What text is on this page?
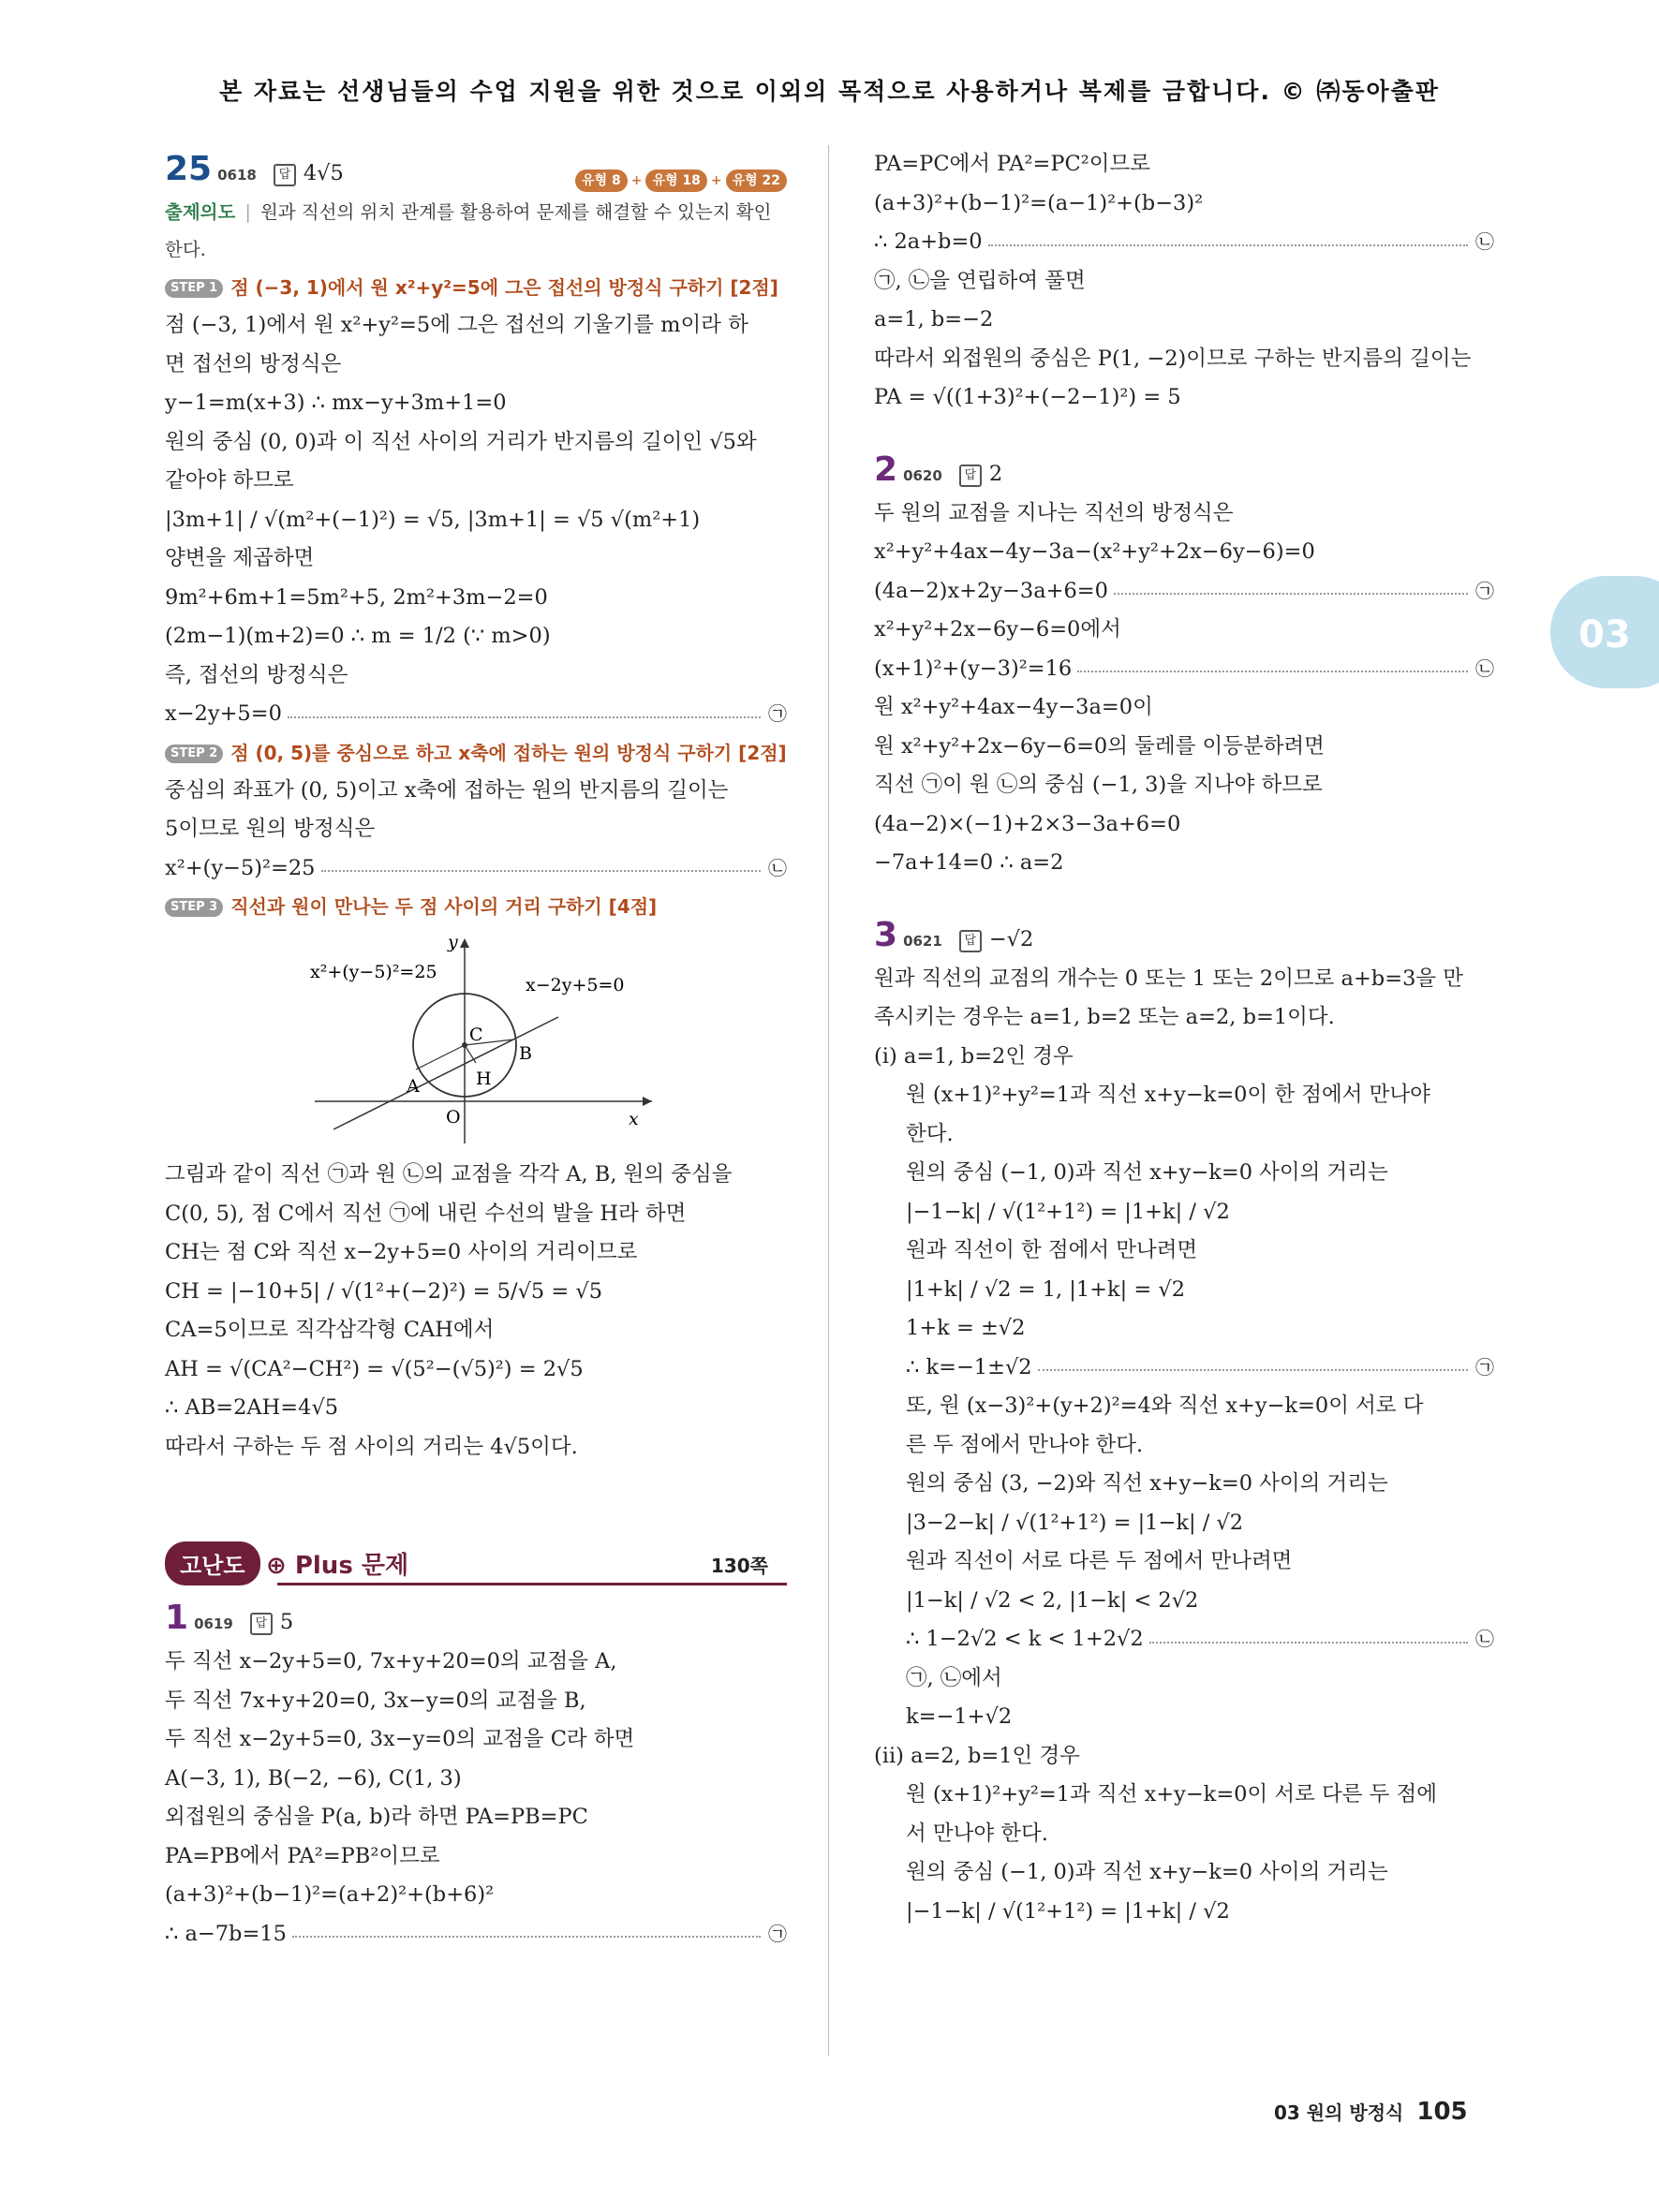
본 자료는 선생님들의 수업 지원을 위한 것으로 이외의 목적으로 사용하거나 복제를 금합니다. © ㈜동아출판
03
25 0618 답 4√5	유형 8 + 유형 18 + 유형 22
출제의도 | 원과 직선의 위치 관계를 활용하여 문제를 해결할 수 있는지 확인
한다.
STEP 1 점 (−3, 1)에서 원 x²+y²=5에 그은 접선의 방정식 구하기 [2점]
점 (−3, 1)에서 원 x²+y²=5에 그은 접선의 기울기를 m이라 하
면 접선의 방정식은
y−1=m(x+3) ∴ mx−y+3m+1=0
원의 중심 (0, 0)과 이 직선 사이의 거리가 반지름의 길이인 √5와
같아야 하므로
|3m+1| / √(m²+(−1)²) = √5, |3m+1| = √5 √(m²+1)
양변을 제곱하면
9m²+6m+1=5m²+5, 2m²+3m−2=0
(2m−1)(m+2)=0 ∴ m = 1/2 (∵ m>0)
즉, 접선의 방정식은
x−2y+5=0	㉠
STEP 2 점 (0, 5)를 중심으로 하고 x축에 접하는 원의 방정식 구하기 [2점]
중심의 좌표가 (0, 5)이고 x축에 접하는 원의 반지름의 길이는
5이므로 원의 방정식은
x²+(y−5)²=25	㉡
STEP 3 직선과 원이 만나는 두 점 사이의 거리 구하기 [4점]
x²+(y−5)²=25
x−2y+5=0
C
A
B
H
O	x
y
그림과 같이 직선 ㉠과 원 ㉡의 교점을 각각 A, B, 원의 중심을
C(0, 5), 점 C에서 직선 ㉠에 내린 수선의 발을 H라 하면
CH는 점 C와 직선 x−2y+5=0 사이의 거리이므로
CH = |−10+5| / √(1²+(−2)²) = 5/√5 = √5
CA=5이므로 직각삼각형 CAH에서
AH = √(CA²−CH²) = √(5²−(√5)²) = 2√5
∴ AB=2AH=4√5
따라서 구하는 두 점 사이의 거리는 4√5이다.
고난도 ⊕ Plus 문제	130쪽
1 0619 답 5
두 직선 x−2y+5=0, 7x+y+20=0의 교점을 A,
두 직선 7x+y+20=0, 3x−y=0의 교점을 B,
두 직선 x−2y+5=0, 3x−y=0의 교점을 C라 하면
A(−3, 1), B(−2, −6), C(1, 3)
외접원의 중심을 P(a, b)라 하면 PA=PB=PC
PA=PB에서 PA²=PB²이므로
(a+3)²+(b−1)²=(a+2)²+(b+6)²
∴ a−7b=15	㉠
PA=PC에서 PA²=PC²이므로
(a+3)²+(b−1)²=(a−1)²+(b−3)²
∴ 2a+b=0	㉡
㉠, ㉡을 연립하여 풀면
a=1, b=−2
따라서 외접원의 중심은 P(1, −2)이므로 구하는 반지름의 길이는
PA = √((1+3)²+(−2−1)²) = 5
2 0620 답 2
두 원의 교점을 지나는 직선의 방정식은
x²+y²+4ax−4y−3a−(x²+y²+2x−6y−6)=0
(4a−2)x+2y−3a+6=0	㉠
x²+y²+2x−6y−6=0에서
(x+1)²+(y−3)²=16	㉡
원 x²+y²+4ax−4y−3a=0이
원 x²+y²+2x−6y−6=0의 둘레를 이등분하려면
직선 ㉠이 원 ㉡의 중심 (−1, 3)을 지나야 하므로
(4a−2)×(−1)+2×3−3a+6=0
−7a+14=0 ∴ a=2
3 0621 답 −√2
원과 직선의 교점의 개수는 0 또는 1 또는 2이므로 a+b=3을 만
족시키는 경우는 a=1, b=2 또는 a=2, b=1이다.
(i) a=1, b=2인 경우
원 (x+1)²+y²=1과 직선 x+y−k=0이 한 점에서 만나야
한다.
원의 중심 (−1, 0)과 직선 x+y−k=0 사이의 거리는
|−1−k| / √(1²+1²) = |1+k| / √2
원과 직선이 한 점에서 만나려면
|1+k| / √2 = 1, |1+k| = √2
1+k = ±√2
∴ k=−1±√2	㉠
또, 원 (x−3)²+(y+2)²=4와 직선 x+y−k=0이 서로 다
른 두 점에서 만나야 한다.
원의 중심 (3, −2)와 직선 x+y−k=0 사이의 거리는
|3−2−k| / √(1²+1²) = |1−k| / √2
원과 직선이 서로 다른 두 점에서 만나려면
|1−k| / √2 < 2, |1−k| < 2√2
∴ 1−2√2 < k < 1+2√2	㉡
㉠, ㉡에서
k=−1+√2
(ii) a=2, b=1인 경우
원 (x+1)²+y²=1과 직선 x+y−k=0이 서로 다른 두 점에
서 만나야 한다.
원의 중심 (−1, 0)과 직선 x+y−k=0 사이의 거리는
|−1−k| / √(1²+1²) = |1+k| / √2
03 원의 방정식 105
